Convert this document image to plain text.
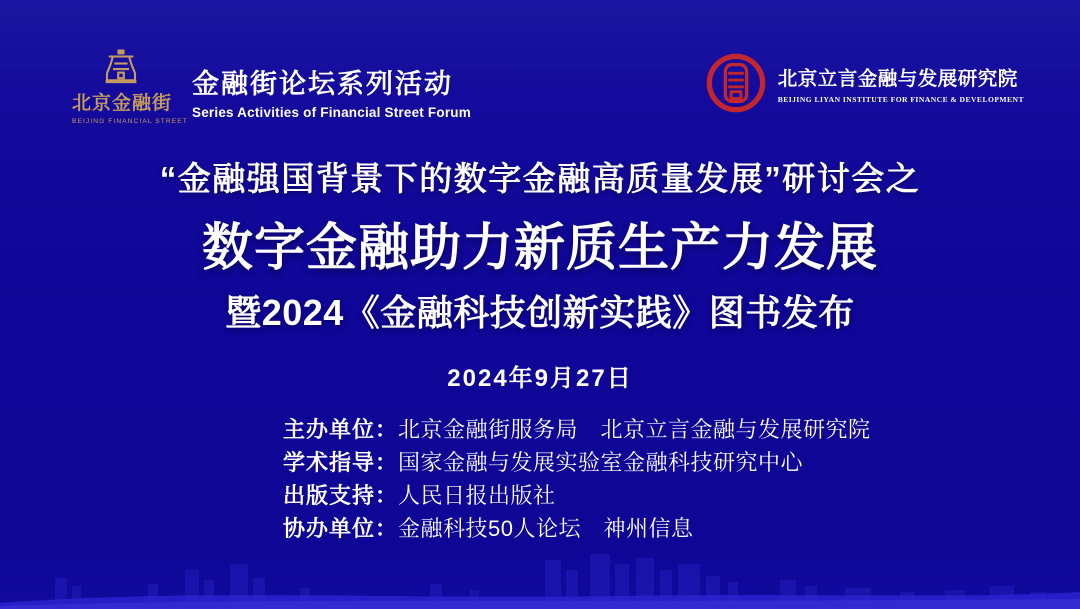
北京金融街
BEIJING FINANCIAL STREET
金融街论坛系列活动
Series Activities of Financial Street Forum
北京立言金融与发展研究院
BEIJING LIYAN INSTITUTE FOR FINANCE & DEVELOPMENT
“金融强国背景下的数字金融高质量发展”研讨会之
数字金融助力新质生产力发展
暨2024《金融科技创新实践》图书发布
2024年9月27日
主办单位：北京金融街服务局　北京立言金融与发展研究院
学术指导：国家金融与发展实验室金融科技研究中心
出版支持：人民日报出版社
协办单位：金融科技50人论坛　神州信息
